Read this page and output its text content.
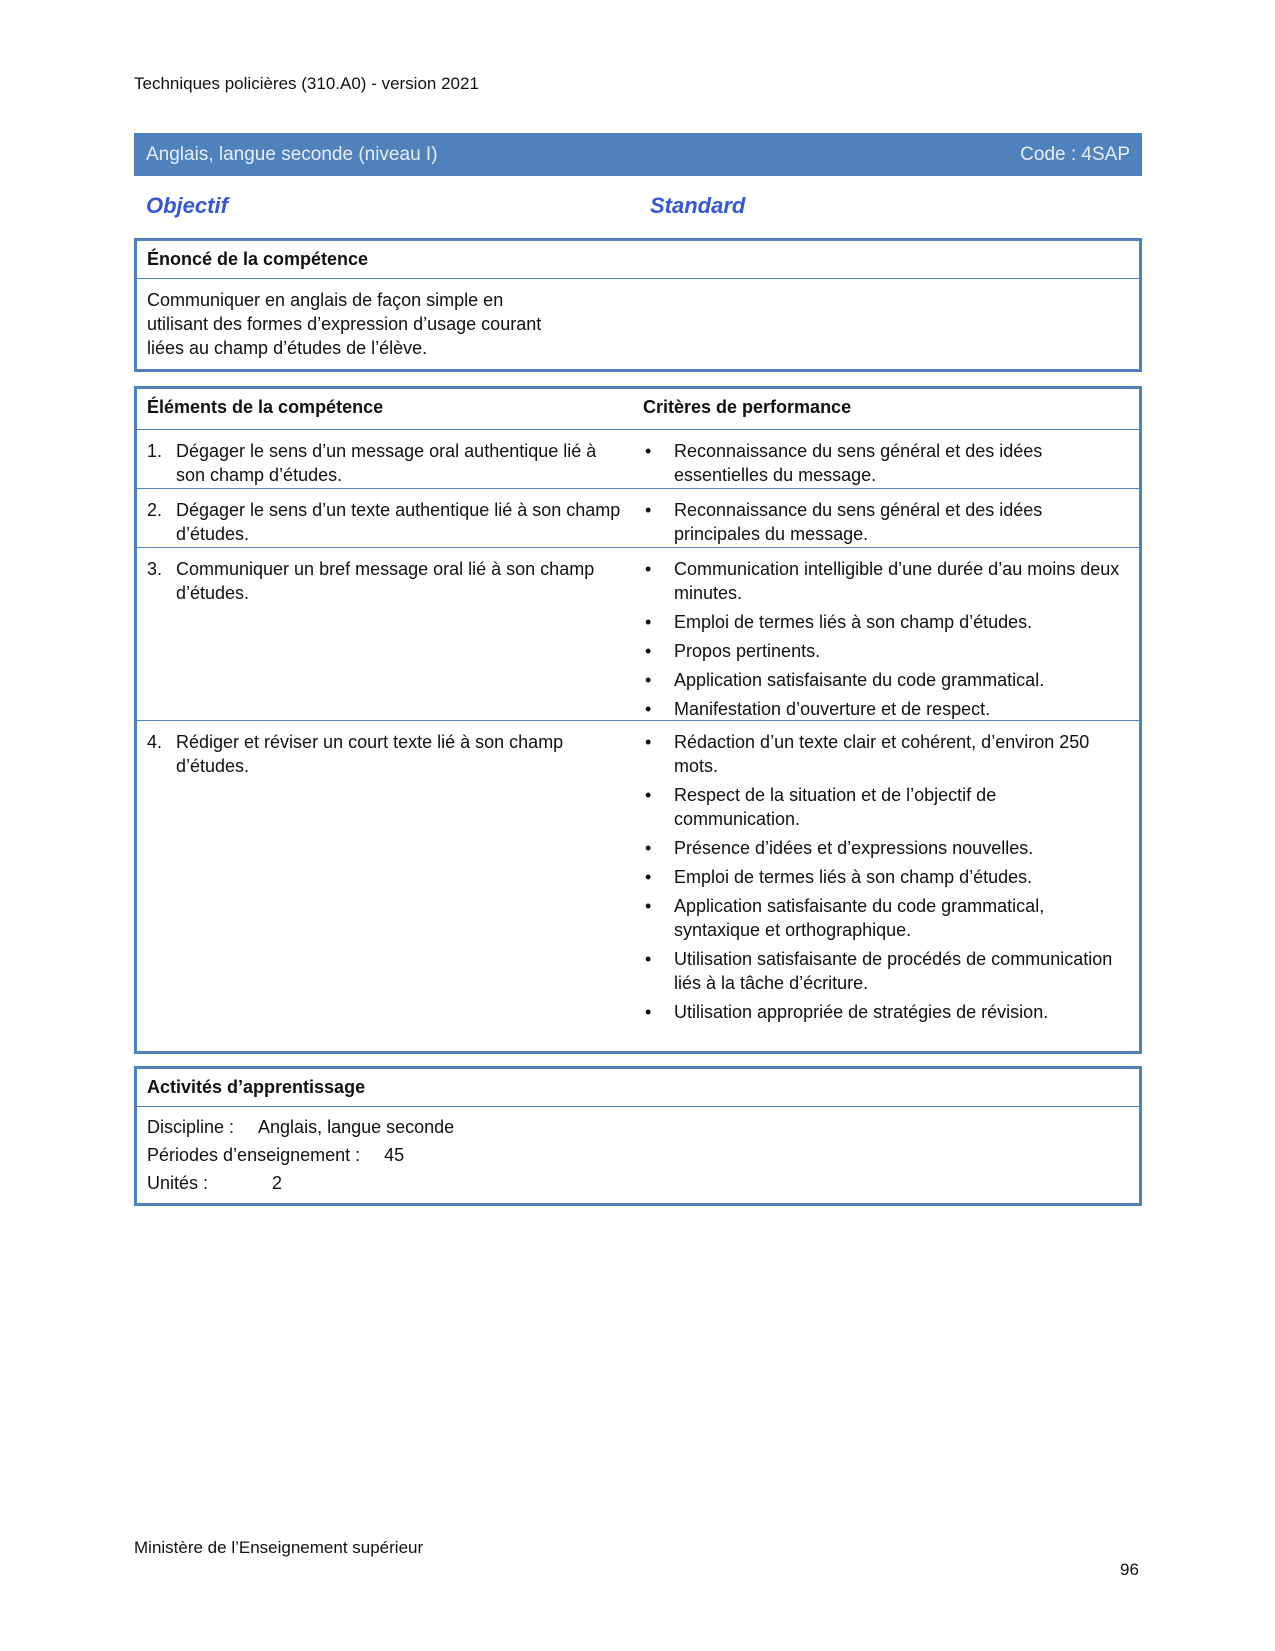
Techniques policières (310.A0) - version 2021
Anglais, langue seconde (niveau I)	Code : 4SAP
Objectif	Standard
Énoncé de la compétence
Communiquer en anglais de façon simple en
utilisant des formes d’expression d’usage courant
liées au champ d’études de l’élève.
Éléments de la compétence	Critères de performance
1. Dégager le sens d’un message oral authentique lié à son champ d’études.
• Reconnaissance du sens général et des idées essentielles du message.
2. Dégager le sens d’un texte authentique lié à son champ d’études.
• Reconnaissance du sens général et des idées principales du message.
3. Communiquer un bref message oral lié à son champ d’études.
• Communication intelligible d’une durée d’au moins deux minutes.
• Emploi de termes liés à son champ d’études.
• Propos pertinents.
• Application satisfaisante du code grammatical.
• Manifestation d’ouverture et de respect.
4. Rédiger et réviser un court texte lié à son champ d’études.
• Rédaction d’un texte clair et cohérent, d’environ 250 mots.
• Respect de la situation et de l’objectif de communication.
• Présence d’idées et d’expressions nouvelles.
• Emploi de termes liés à son champ d’études.
• Application satisfaisante du code grammatical, syntaxique et orthographique.
• Utilisation satisfaisante de procédés de communication liés à la tâche d’écriture.
• Utilisation appropriée de stratégies de révision.
Activités d’apprentissage
Discipline : Anglais, langue seconde
Périodes d’enseignement : 45
Unités :	2
Ministère de l’Enseignement supérieur
96
